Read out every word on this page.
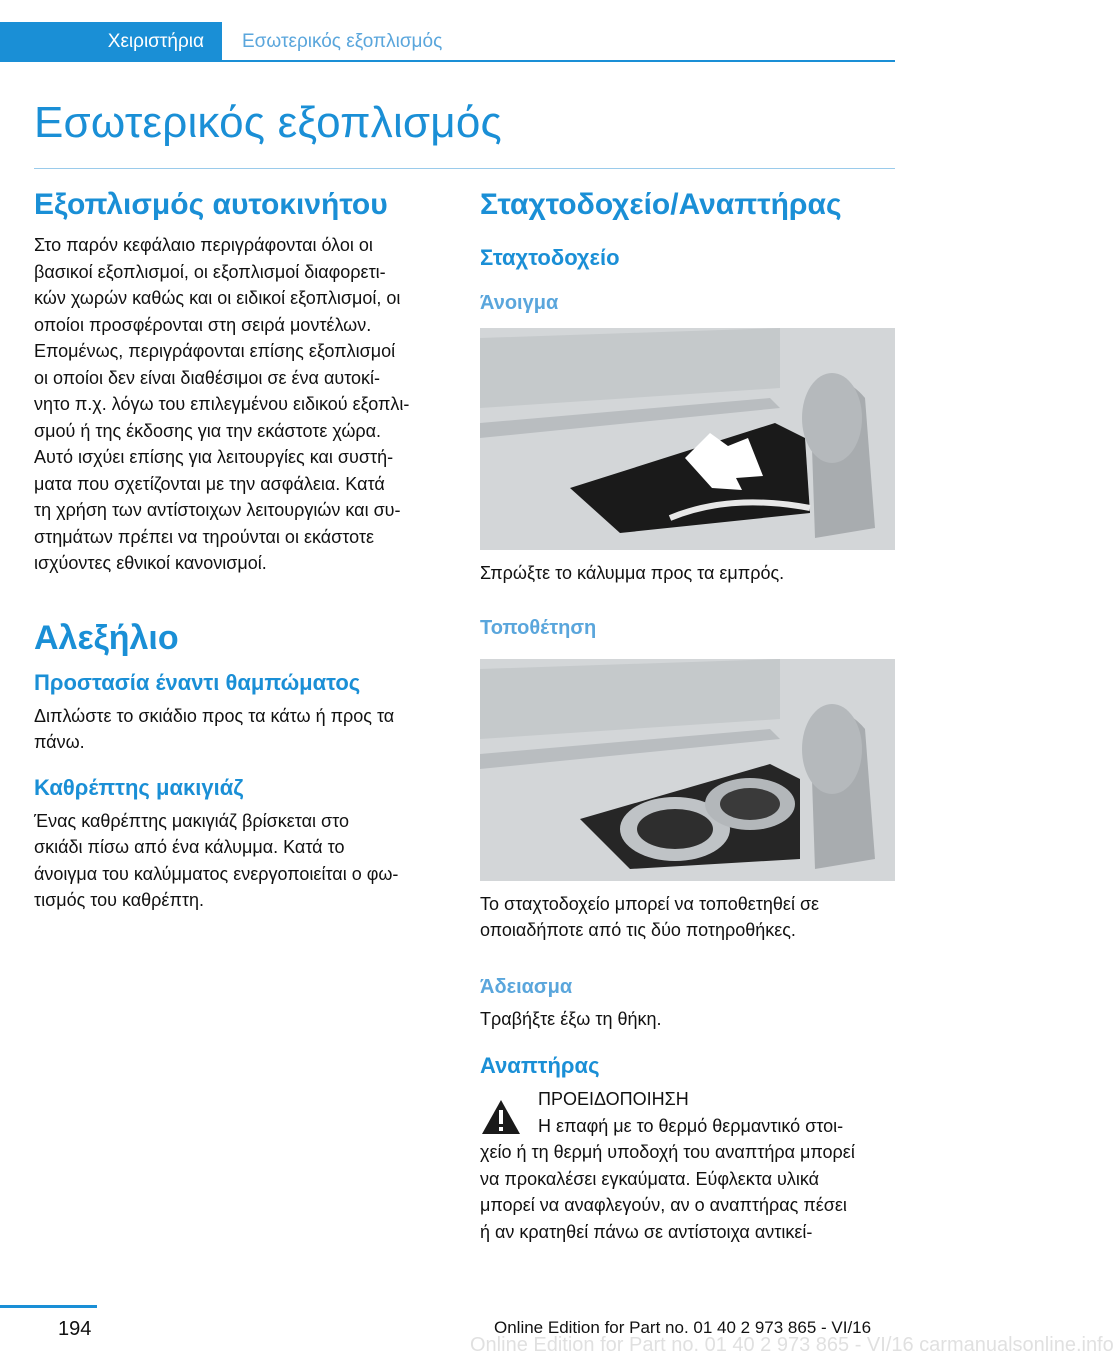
Χειριστήρια	Εσωτερικός εξοπλισμός
Εσωτερικός εξοπλισμός
Εξοπλισμός αυτοκινήτου

Στο παρόν κεφάλαιο περιγράφονται όλοι οι

βασικοί εξοπλισμοί, οι εξοπλισμοί διαφορετι‐

κών χωρών καθώς και οι ειδικοί εξοπλισμοί, οι

οποίοι προσφέρονται στη σειρά μοντέλων.

Επομένως, περιγράφονται επίσης εξοπλισμοί

οι οποίοι δεν είναι διαθέσιμοι σε ένα αυτοκί‐

νητο π.χ. λόγω του επιλεγμένου ειδικού εξοπλι‐

σμού ή της έκδοσης για την εκάστοτε χώρα.

Αυτό ισχύει επίσης για λειτουργίες και συστή‐

ματα που σχετίζονται με την ασφάλεια. Κατά

τη χρήση των αντίστοιχων λειτουργιών και συ‐

στημάτων πρέπει να τηρούνται οι εκάστοτε

ισχύοντες εθνικοί κανονισμοί.

Αλεξήλιο
Προστασία έναντι θαμπώματος

Διπλώστε το σκιάδιο προς τα κάτω ή προς τα

πάνω.

Καθρέπτης μακιγιάζ

Ένας καθρέπτης μακιγιάζ βρίσκεται στο

σκιάδι πίσω από ένα κάλυμμα. Κατά το

άνοιγμα του καλύμματος ενεργοποιείται ο φω‐

τισμός του καθρέπτη.

Σταχτοδοχείο/Αναπτήρας
Σταχτοδοχείο
Άνοιγμα

Σπρώξτε το κάλυμμα προς τα εμπρός.

Τοποθέτηση

Το σταχτοδοχείο μπορεί να τοποθετηθεί σε

οποιαδήποτε από τις δύο ποτηροθήκες.

Άδειασμα

Τραβήξτε έξω τη θήκη.

Αναπτήρας

ΠΡΟΕΙΔΟΠΟΙΗΣΗ

Η επαφή με το θερμό θερμαντικό στοι‐

χείο ή τη θερμή υποδοχή του αναπτήρα μπορεί

να προκαλέσει εγκαύματα. Εύφλεκτα υλικά

μπορεί να αναφλεγούν, αν ο αναπτήρας πέσει

ή αν κρατηθεί πάνω σε αντίστοιχα αντικεί‐

194	Online Edition for Part no. 01 40 2 973 865 - VI/16
Online Edition for Part no. 01 40 2 973 865 - VI/16 carmanualsonline.info
